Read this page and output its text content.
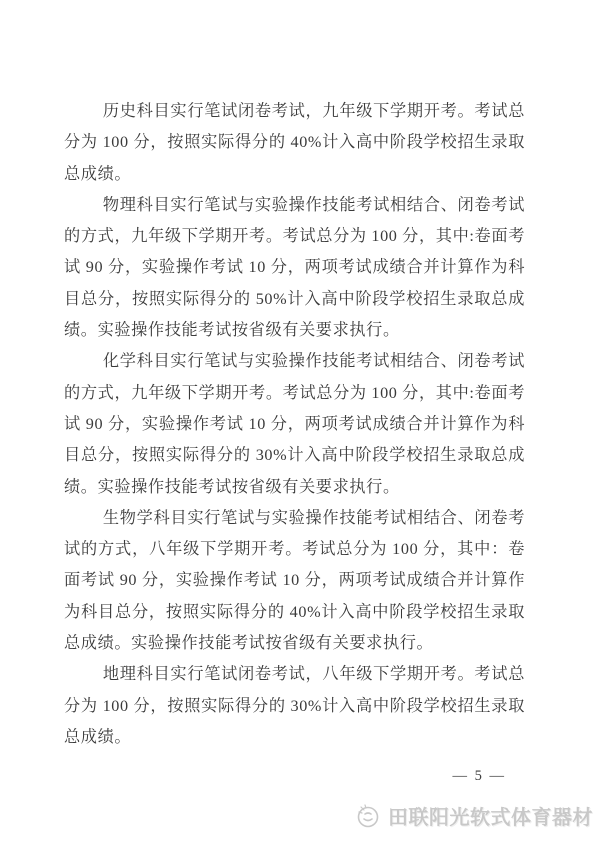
历史科目实行笔试闭卷考试，九年级下学期开考。考试总分为 100 分，按照实际得分的 40%计入高中阶段学校招生录取总成绩。

物理科目实行笔试与实验操作技能考试相结合、闭卷考试的方式，九年级下学期开考。考试总分为 100 分，其中:卷面考试 90 分，实验操作考试 10 分，两项考试成绩合并计算作为科目总分，按照实际得分的 50%计入高中阶段学校招生录取总成绩。实验操作技能考试按省级有关要求执行。

化学科目实行笔试与实验操作技能考试相结合、闭卷考试的方式，九年级下学期开考。考试总分为 100 分，其中:卷面考试 90 分，实验操作考试 10 分，两项考试成绩合并计算作为科目总分，按照实际得分的 30%计入高中阶段学校招生录取总成绩。实验操作技能考试按省级有关要求执行。

生物学科目实行笔试与实验操作技能考试相结合、闭卷考试的方式，八年级下学期开考。考试总分为 100 分，其中：卷面考试 90 分，实验操作考试 10 分，两项考试成绩合并计算作为科目总分，按照实际得分的 40%计入高中阶段学校招生录取总成绩。实验操作技能考试按省级有关要求执行。

地理科目实行笔试闭卷考试，八年级下学期开考。考试总分为 100 分，按照实际得分的 30%计入高中阶段学校招生录取总成绩。

— 5 —
田联阳光软式体育器材
